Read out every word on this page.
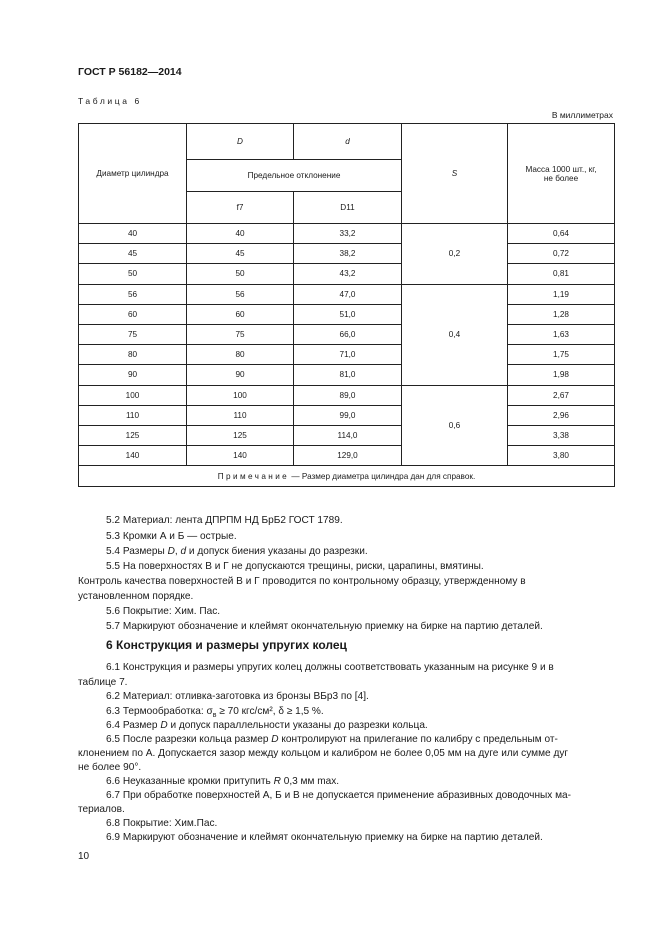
ГОСТ Р 56182—2014
Таблица 6
В миллиметрах
Диаметр цилиндра	D	d	S	Масса 1000 шт., кг,
не более

	Предельное отклонение			
	f7	D11		
40	40	33,2	0,2	0,64
45	45	38,2		0,72
50	50	43,2		0,81
56	56	47,0	0,4	1,19
60	60	51,0		1,28
75	75	66,0		1,63
80	80	71,0		1,75
90	90	81,0		1,98
100	100	89,0	0,6	2,67
110	110	99,0		2,96
125	125	114,0		3,38
140	140	129,0		3,80
Примечание — Размер диаметра цилиндра дан для справок.				
5.2 Материал: лента ДПРПМ НД БрБ2 ГОСТ 1789.
5.3 Кромки А и Б — острые.
5.4 Размеры D, d и допуск биения указаны до разрезки.
5.5 На поверхностях В и Г не допускаются трещины, риски, царапины, вмятины.
Контроль качества поверхностей В и Г проводится по контрольному образцу, утвержденному в
установленном порядке.
5.6 Покрытие: Хим. Пас.
5.7 Маркируют обозначение и клеймят окончательную приемку на бирке на партию деталей.
6 Конструкция и размеры упругих колец
6.1 Конструкция и размеры упругих колец должны соответствовать указанным на рисунке 9 и в
таблице 7.
6.2 Материал: отливка-заготовка из бронзы ВБр3 по [4].
6.3 Термообработка: $\sigma_в \ge 70$ кгс/см², δ ≥ 1,5 %.
6.4 Размер D и допуск параллельности указаны до разрезки кольца.
6.5 После разрезки кольца размер D контролируют на прилегание по калибру с предельным от-
клонением по А. Допускается зазор между кольцом и калибром не более 0,05 мм на дуге или сумме дуг
не более 90°.
6.6 Неуказанные кромки притупить R 0,3 мм max.
6.7 При обработке поверхностей А, Б и В не допускается применение абразивных доводочных ма-
териалов.
6.8 Покрытие: Хим.Пас.
6.9 Маркируют обозначение и клеймят окончательную приемку на бирке на партию деталей.
10
